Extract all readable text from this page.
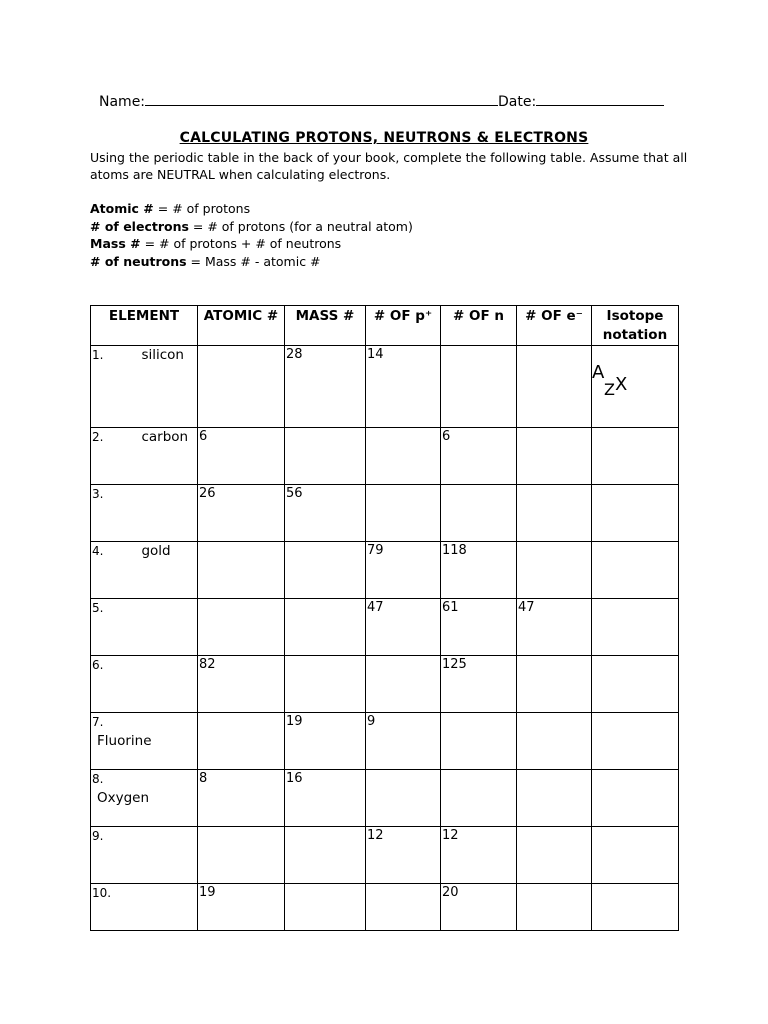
Name:	Date:
CALCULATING PROTONS, NEUTRONS & ELECTRONS
Using the periodic table in the back of your book, complete the following table. Assume that all atoms are NEUTRAL when calculating electrons.
Atomic # = # of protons
# of electrons = # of protons (for a neutral atom)
Mass # = # of protons + # of neutrons
# of neutrons = Mass # - atomic #
ELEMENT	ATOMIC #	MASS #	# OF p⁺	# OF n	# OF e⁻	Isotope notation
1. silicon		28	14			A
Z X

2. carbon	6			6		
3.	26	56				
4. gold			79	118		
5.			47	61	47	
6.	82			125		
7.
Fluorine		19	9			
8.
Oxygen	8	16				
9.			12	12		
10.	19			20		
